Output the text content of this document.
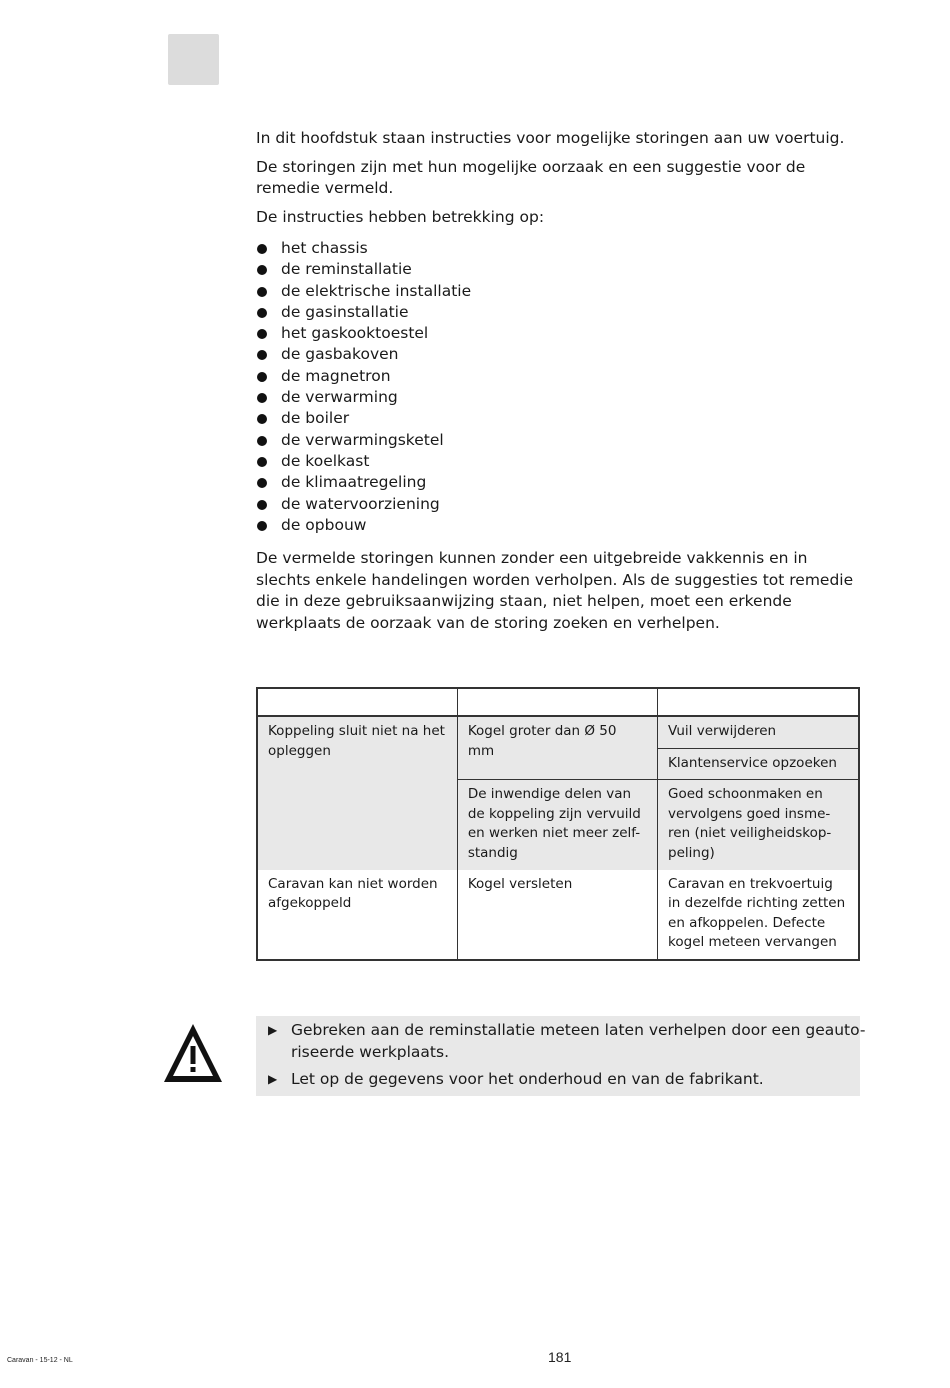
In dit hoofdstuk staan instructies voor mogelijke storingen aan uw voertuig.

De storingen zijn met hun mogelijke oorzaak en een suggestie voor de remedie vermeld.

De instructies hebben betrekking op:

het chassis
de reminstallatie
de elektrische installatie
de gasinstallatie
het gaskooktoestel
de gasbakoven
de magnetron
de verwarming
de boiler
de verwarmingsketel
de koelkast
de klimaatregeling
de watervoorziening
de opbouw

De vermelde storingen kunnen zonder een uitgebreide vakkennis en in slechts enkele handelingen worden verholpen. Als de suggesties tot remedie die in deze gebruiksaanwijzing staan, niet helpen, moet een erkende werkplaats de oorzaak van de storing zoeken en verhelpen.

Koppeling sluit niet na het opleggen	Kogel groter dan Ø 50 mm	Vuil verwijderen
		Klantenservice opzoeken
	De inwendige delen van de koppeling zijn vervuild en werken niet meer zelf-standig	Goed schoonmaken en vervolgens goed insme-ren (niet veiligheidskop-peling)
Caravan kan niet worden afgekoppeld	Kogel versleten	Caravan en trekvoertuig in dezelfde richting zetten en afkoppelen. Defecte kogel meteen vervangen
▶ Gebreken aan de reminstallatie meteen laten verhelpen door een geauto-riseerde werkplaats.
▶ Let op de gegevens voor het onderhoud en van de fabrikant.
Caravan - 15-12 - NL	181
